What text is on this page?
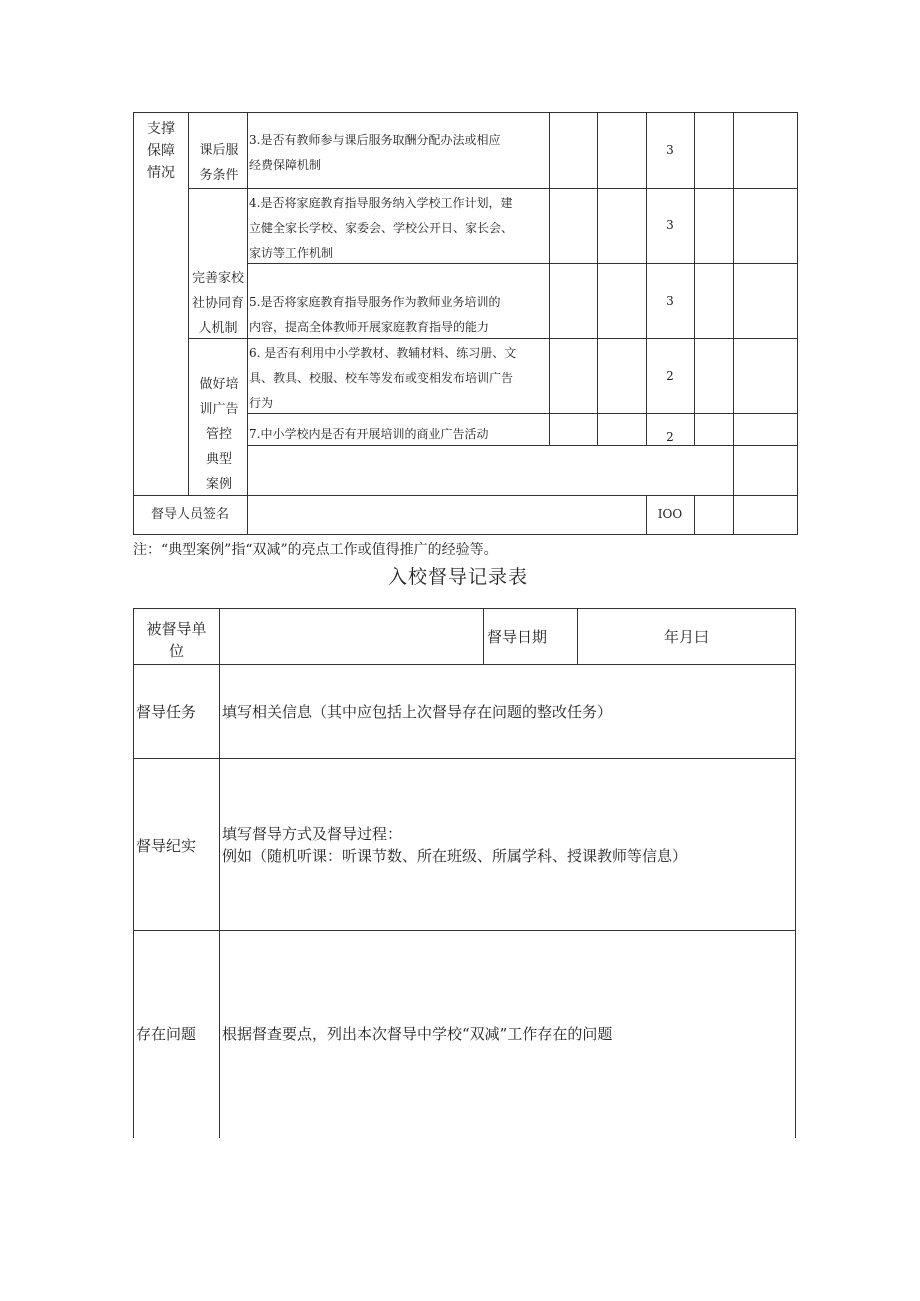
支撑
保障
情况
课后服
务条件
完善家校
社协同育
人机制
做好培
训广告
管控
典型
案例
3.是否有教师参与课后服务取酬分配办法或相应
经费保障机制
4.是否将家庭教育指导服务纳入学校工作计划，建
立健全家长学校、家委会、学校公开日、家长会、
家访等工作机制
5.是否将家庭教育指导服务作为教师业务培训的
内容，提高全体教师开展家庭教育指导的能力
6. 是否有利用中小学教材、教辅材料、练习册、文
具、教具、校服、校车等发布或变相发布培训广告
行为
7.中小学校内是否有开展培训的商业广告活动
3
3
3
2
2
督导人员签名	IOO
注：“典型案例”指“双减”的亮点工作或值得推广的经验等。
入校督导记录表
被督导单
位
督导日期	年月曰
督导任务 填写相关信息（其中应包括上次督导存在问题的整改任务）
督导纪实
填写督导方式及督导过程：
例如（随机听课：听课节数、所在班级、所属学科、授课教师等信息）
存在问题 根据督查要点，列出本次督导中学校“双减”工作存在的问题
